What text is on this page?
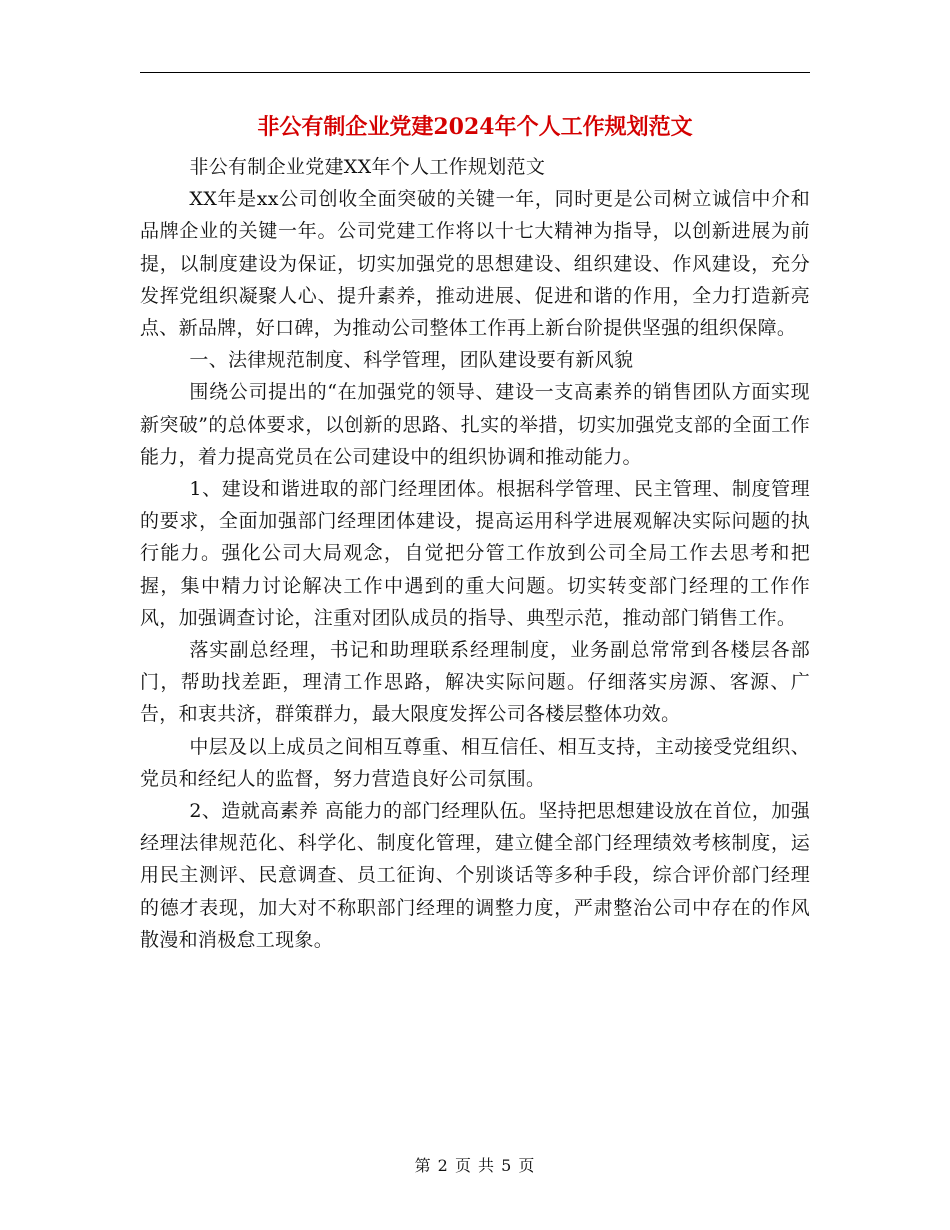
非公有制企业党建2024年个人工作规划范文

非公有制企业党建XX年个人工作规划范文

XX年是xx公司创收全面突破的关键一年，同时更是公司树立诚信中介和品牌企业的关键一年。公司党建工作将以十七大精神为指导，以创新进展为前提，以制度建设为保证，切实加强党的思想建设、组织建设、作风建设，充分发挥党组织凝聚人心、提升素养，推动进展、促进和谐的作用，全力打造新亮点、新品牌，好口碑，为推动公司整体工作再上新台阶提供坚强的组织保障。

一、法律规范制度、科学管理，团队建设要有新风貌

围绕公司提出的“在加强党的领导、建设一支高素养的销售团队方面实现新突破”的总体要求，以创新的思路、扎实的举措，切实加强党支部的全面工作能力，着力提高党员在公司建设中的组织协调和推动能力。

1、建设和谐进取的部门经理团体。根据科学管理、民主管理、制度管理的要求，全面加强部门经理团体建设，提高运用科学进展观解决实际问题的执行能力。强化公司大局观念，自觉把分管工作放到公司全局工作去思考和把握，集中精力讨论解决工作中遇到的重大问题。切实转变部门经理的工作作风，加强调查讨论，注重对团队成员的指导、典型示范，推动部门销售工作。

落实副总经理，书记和助理联系经理制度，业务副总常常到各楼层各部门，帮助找差距，理清工作思路，解决实际问题。仔细落实房源、客源、广告，和衷共济，群策群力，最大限度发挥公司各楼层整体功效。

中层及以上成员之间相互尊重、相互信任、相互支持，主动接受党组织、党员和经纪人的监督，努力营造良好公司氛围。

2、造就高素养 高能力的部门经理队伍。坚持把思想建设放在首位，加强经理法律规范化、科学化、制度化管理，建立健全部门经理绩效考核制度，运用民主测评、民意调查、员工征询、个别谈话等多种手段，综合评价部门经理的德才表现，加大对不称职部门经理的调整力度，严肃整治公司中存在的作风散漫和消极怠工现象。

第 2 页 共 5 页
